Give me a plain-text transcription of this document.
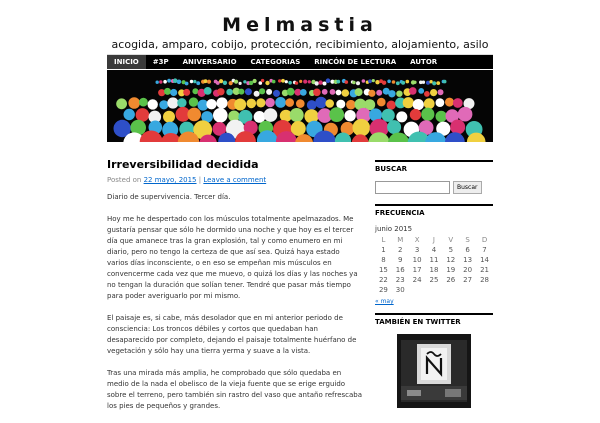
Melmastia
acogida, amparo, cobijo, protección, recibimiento, alojamiento, asilo
INICIO	#3P	ANIVERSARIO	CATEGORIAS	RINCÓN DE LECTURA	AUTOR
Irreversibilidad decidida
Posted on 22 mayo, 2015 | Leave a comment

Diario de supervivencia. Tercer día.

Hoy me he despertado con los músculos totalmente apelmazados. Me gustaría pensar que sólo he dormido una noche y que hoy es el tercer día que amanece tras la gran explosión, tal y como enumero en mi diario, pero no tengo la certeza de que así sea. Quizá haya estado varios días inconsciente, o en eso se empeñan mis músculos en convencerme cada vez que me muevo, o quizá los días y las noches ya no tengan la duración que solían tener. Tendré que pasar más tiempo para poder averiguarlo por mi mismo.

El paisaje es, si cabe, más desolador que en mi anterior periodo de consciencia: Los troncos débiles y cortos que quedaban han desaparecido por completo, dejando el paisaje totalmente huérfano de vegetación y sólo hay una tierra yerma y suave a la vista.

Tras una mirada más amplia, he comprobado que sólo quedaba en medio de la nada el obelisco de la vieja fuente que se erige erguido sobre el terreno, pero también sin rastro del vaso que antaño refrescaba los pies de pequeños y grandes.

BUSCAR
Buscar
FRECUENCIA
junio 2015
L	M	X	J	V	S	D
1	2	3	4	5	6	7
8	9	10	11	12	13	14
15	16	17	18	19	20	21
22	23	24	25	26	27	28
29	30					
« may
TAMBIÉN EN TWITTER
